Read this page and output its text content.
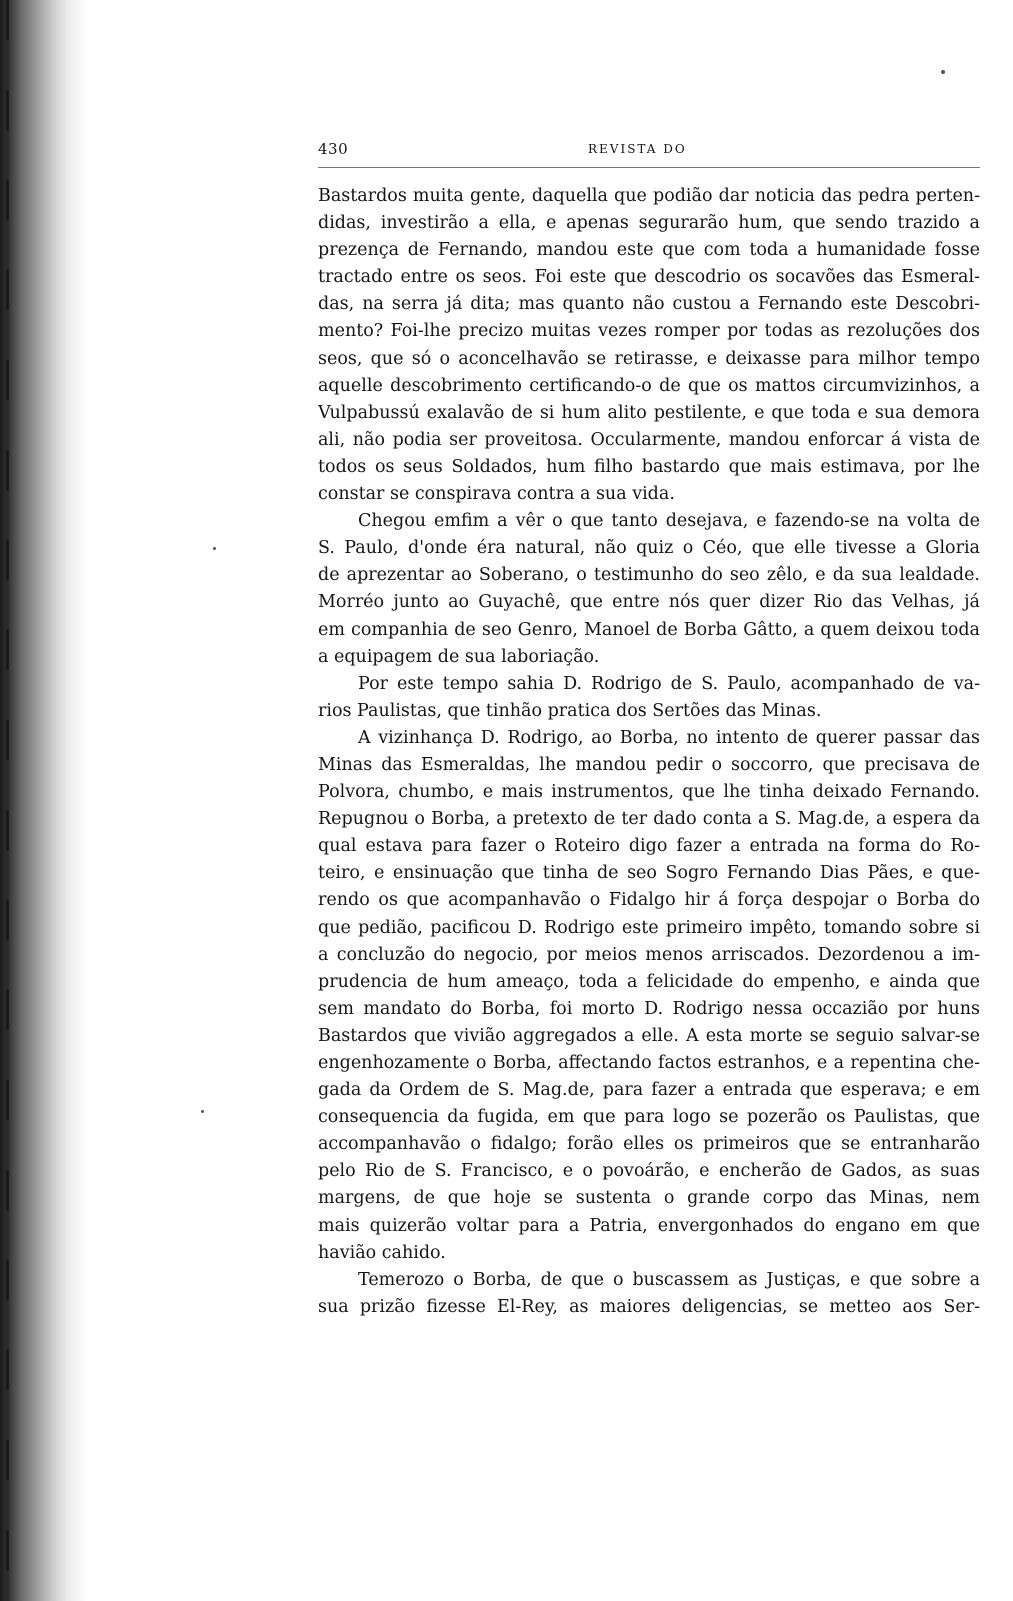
430	REVISTA DO
Bastardos muita gente, daquella que podião dar noticia das pedra perten-
didas, investirão a ella, e apenas segurarão hum, que sendo trazido a
prezença de Fernando, mandou este que com toda a humanidade fosse
tractado entre os seos. Foi este que descodrio os socavões das Esmeral-
das, na serra já dita; mas quanto não custou a Fernando este Descobri-
mento? Foi-lhe precizo muitas vezes romper por todas as rezoluções dos
seos, que só o aconcelhavão se retirasse, e deixasse para milhor tempo
aquelle descobrimento certificando-o de que os mattos circumvizinhos, a
Vulpabussú exalavão de si hum alito pestilente, e que toda e sua demora
ali, não podia ser proveitosa. Occularmente, mandou enforcar á vista de
todos os seus Soldados, hum filho bastardo que mais estimava, por lhe
constar se conspirava contra a sua vida.
Chegou emfim a vêr o que tanto desejava, e fazendo-se na volta de
S. Paulo, d'onde éra natural, não quiz o Céo, que elle tivesse a Gloria
de aprezentar ao Soberano, o testimunho do seo zêlo, e da sua lealdade.
Morréo junto ao Guyachê, que entre nós quer dizer Rio das Velhas, já
em companhia de seo Genro, Manoel de Borba Gâtto, a quem deixou toda
a equipagem de sua laboriação.
Por este tempo sahia D. Rodrigo de S. Paulo, acompanhado de va-
rios Paulistas, que tinhão pratica dos Sertões das Minas.
A vizinhança D. Rodrigo, ao Borba, no intento de querer passar das
Minas das Esmeraldas, lhe mandou pedir o soccorro, que precisava de
Polvora, chumbo, e mais instrumentos, que lhe tinha deixado Fernando.
Repugnou o Borba, a pretexto de ter dado conta a S. Mag.de, a espera da
qual estava para fazer o Roteiro digo fazer a entrada na forma do Ro-
teiro, e ensinuação que tinha de seo Sogro Fernando Dias Pães, e que-
rendo os que acompanhavão o Fidalgo hir á força despojar o Borba do
que pedião, pacificou D. Rodrigo este primeiro impêto, tomando sobre si
a concluzão do negocio, por meios menos arriscados. Dezordenou a im-
prudencia de hum ameaço, toda a felicidade do empenho, e ainda que
sem mandato do Borba, foi morto D. Rodrigo nessa occazião por huns
Bastardos que vivião aggregados a elle. A esta morte se seguio salvar-se
engenhozamente o Borba, affectando factos estranhos, e a repentina che-
gada da Ordem de S. Mag.de, para fazer a entrada que esperava; e em
consequencia da fugida, em que para logo se pozerão os Paulistas, que
accompanhavão o fidalgo; forão elles os primeiros que se entranharão
pelo Rio de S. Francisco, e o povoárão, e encherão de Gados, as suas
margens, de que hoje se sustenta o grande corpo das Minas, nem
mais quizerão voltar para a Patria, envergonhados do engano em que
havião cahido.
Temerozo o Borba, de que o buscassem as Justiças, e que sobre a
sua prizão fizesse El-Rey, as maiores deligencias, se metteo aos Ser-
